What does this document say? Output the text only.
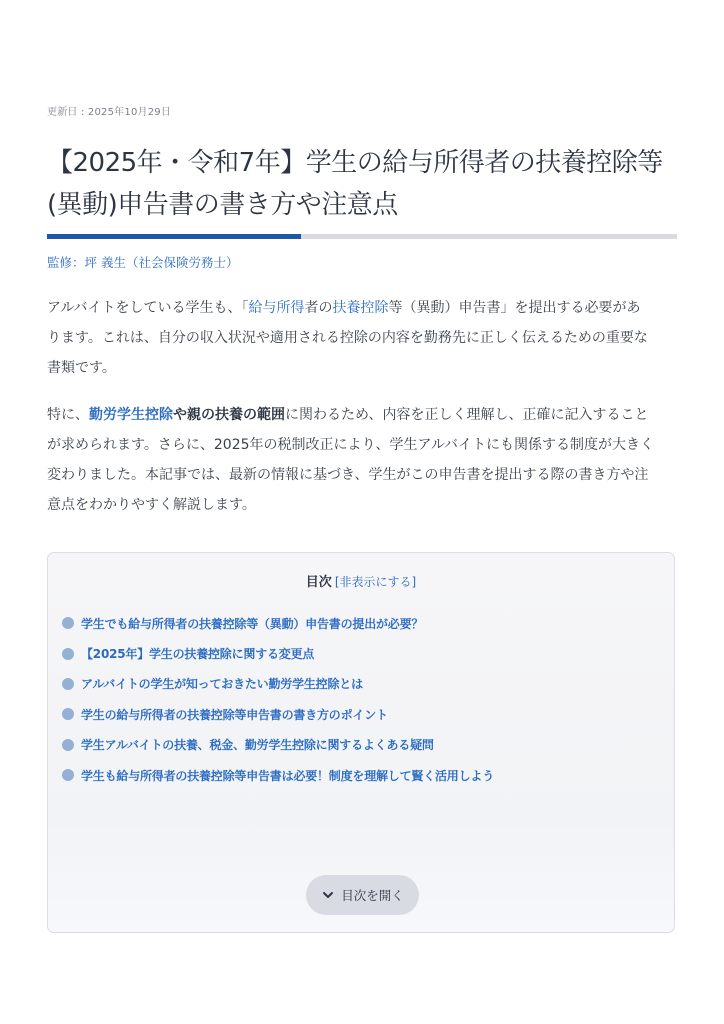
更新日 : 2025年10月29日
【2025年・令和7年】学生の給与所得者の扶養控除等
(異動)申告書の書き方や注意点
監修：坪 義生（社会保険労務士）

アルバイトをしている学生も、「給与所得者の扶養控除等（異動）申告書」を提出する必要があ
ります。これは、自分の収入状況や適用される控除の内容を勤務先に正しく伝えるための重要な
書類です。

特に、勤労学生控除や親の扶養の範囲に関わるため、内容を正しく理解し、正確に記入すること
が求められます。さらに、2025年の税制改正により、学生アルバイトにも関係する制度が大きく
変わりました。本記事では、最新の情報に基づき、学生がこの申告書を提出する際の書き方や注
意点をわかりやすく解説します。

目次 [非表示にする]
学生でも給与所得者の扶養控除等（異動）申告書の提出が必要？
【2025年】学生の扶養控除に関する変更点
アルバイトの学生が知っておきたい勤労学生控除とは
学生の給与所得者の扶養控除等申告書の書き方のポイント
学生アルバイトの扶養、税金、勤労学生控除に関するよくある疑問
学生も給与所得者の扶養控除等申告書は必要！制度を理解して賢く活用しよう
目次を開く
